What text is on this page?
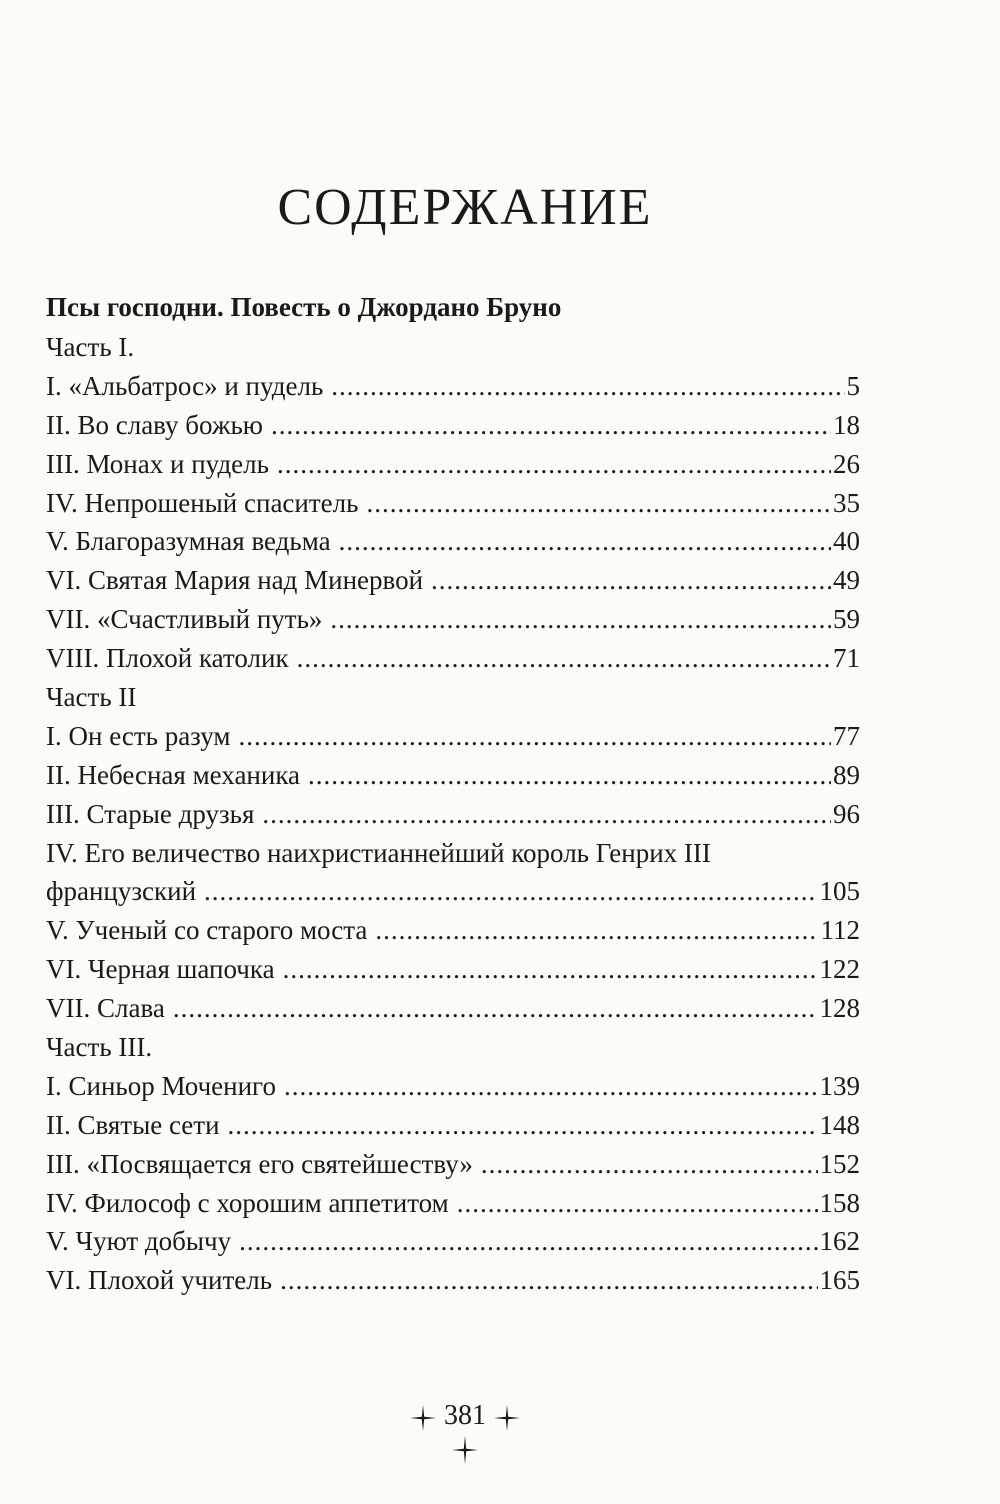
СОДЕРЖАНИЕ
Псы господни. Повесть о Джордано Бруно
Часть I.
I. «Альбатрос» и пудель .....	5
II. Во славу божью .....	18
III. Монах и пудель .....	26
IV. Непрошеный спаситель .....	35
V. Благоразумная ведьма .....	40
VI. Святая Мария над Минервой .....	49
VII. «Счастливый путь» .....	59
VIII. Плохой католик .....	71
Часть II
I. Он есть разум .....	77
II. Небесная механика .....	89
III. Старые друзья .....	96
IV. Его величество наихристианнейший король Генрих III
французский .....	105
V. Ученый со старого моста .....	112
VI. Черная шапочка .....	122
VII. Слава .....	128
Часть III.
I. Синьор Мочениго .....	139
II. Святые сети .....	148
III. «Посвящается его святейшеству» .....	152
IV. Философ с хорошим аппетитом .....	158
V. Чуют добычу .....	162
VI. Плохой учитель .....	165
381
